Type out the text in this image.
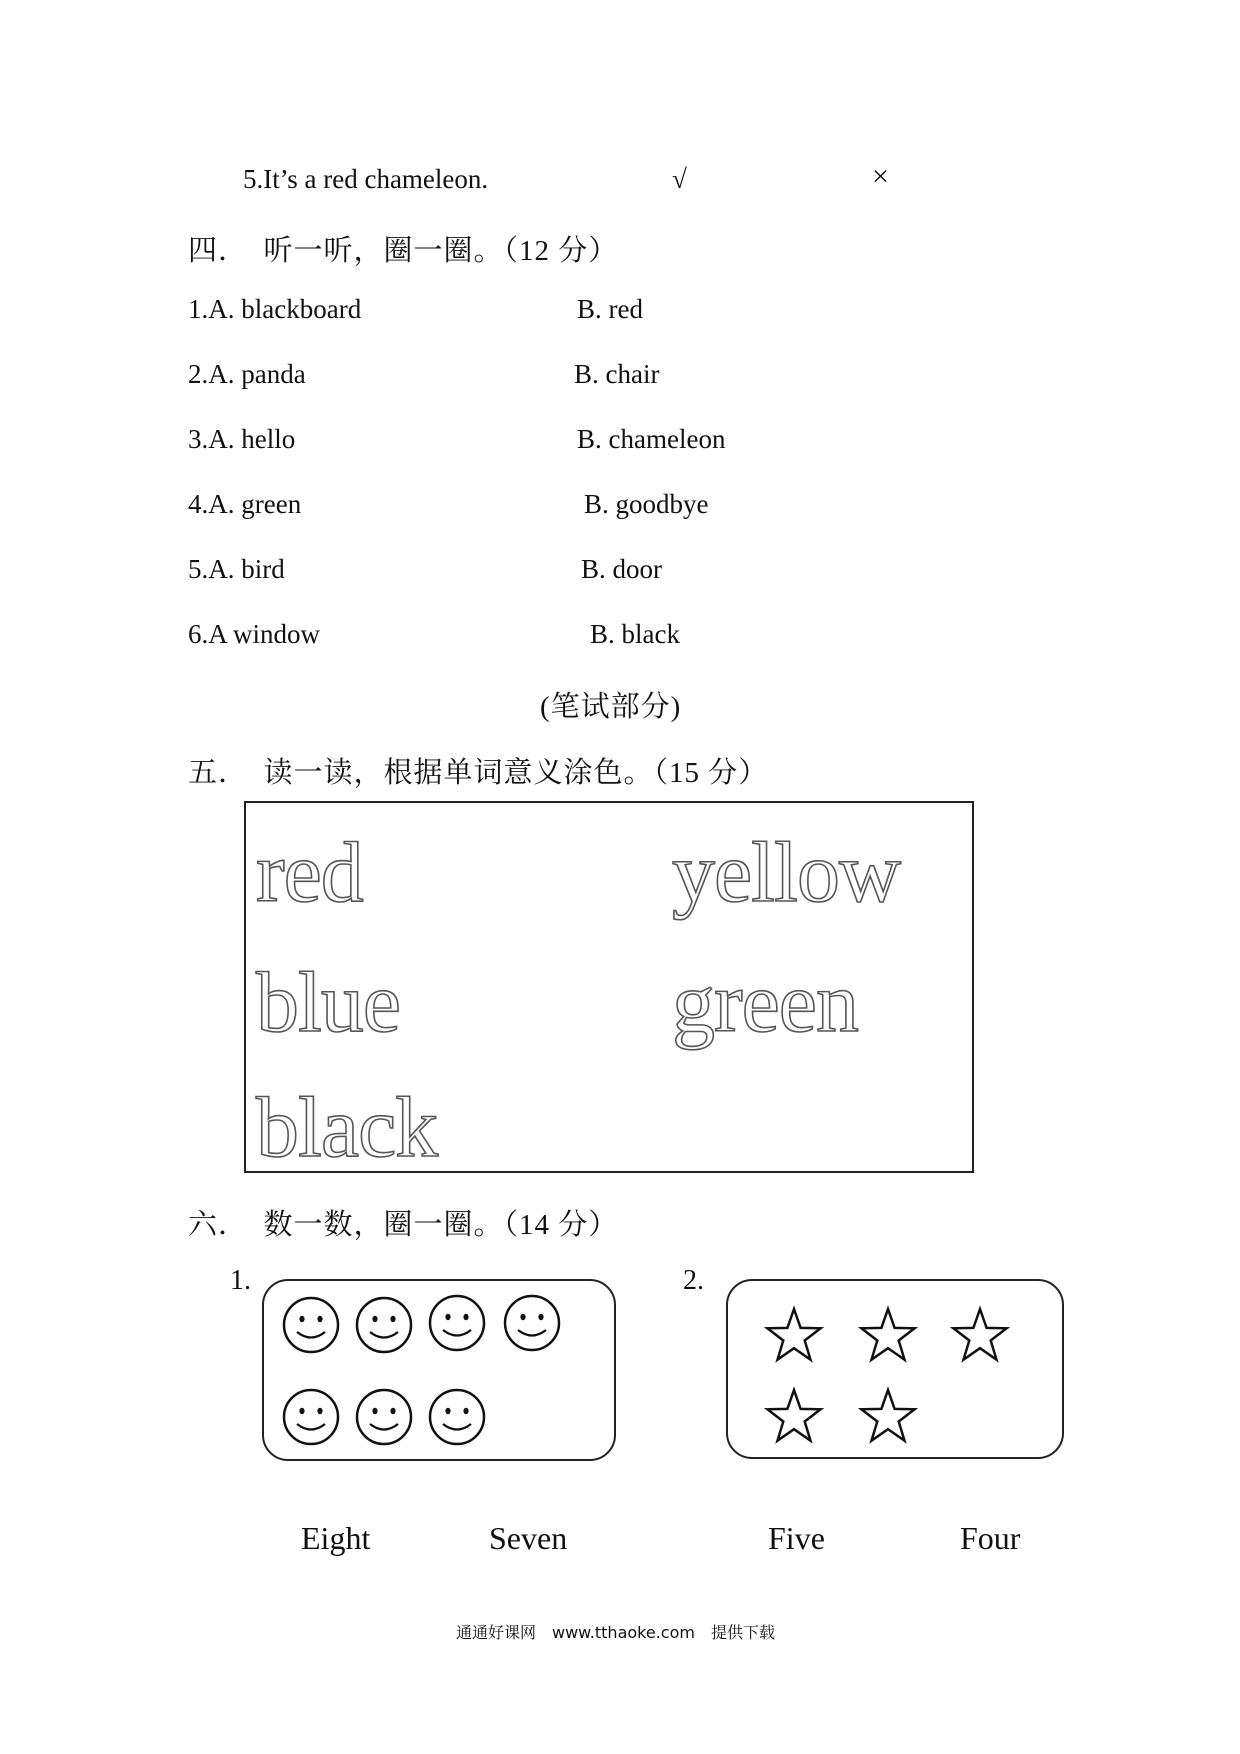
5.It’s a red chameleon.	√	×
四．　听一听，圈一圈。（12 分）
1.A. blackboard	B. red
2.A. panda	B. chair
3.A. hello	B. chameleon
4.A. green	B. goodbye
5.A. bird	B. door
6.A window	B. black
(笔试部分)
五．　读一读，根据单词意义涂色。（15 分）
red	yellow
blue	green
black
六．　数一数，圈一圈。（14 分）
1.	2.
Eight	Seven	Five	Four
通通好课网　www.tthaoke.com　提供下载
